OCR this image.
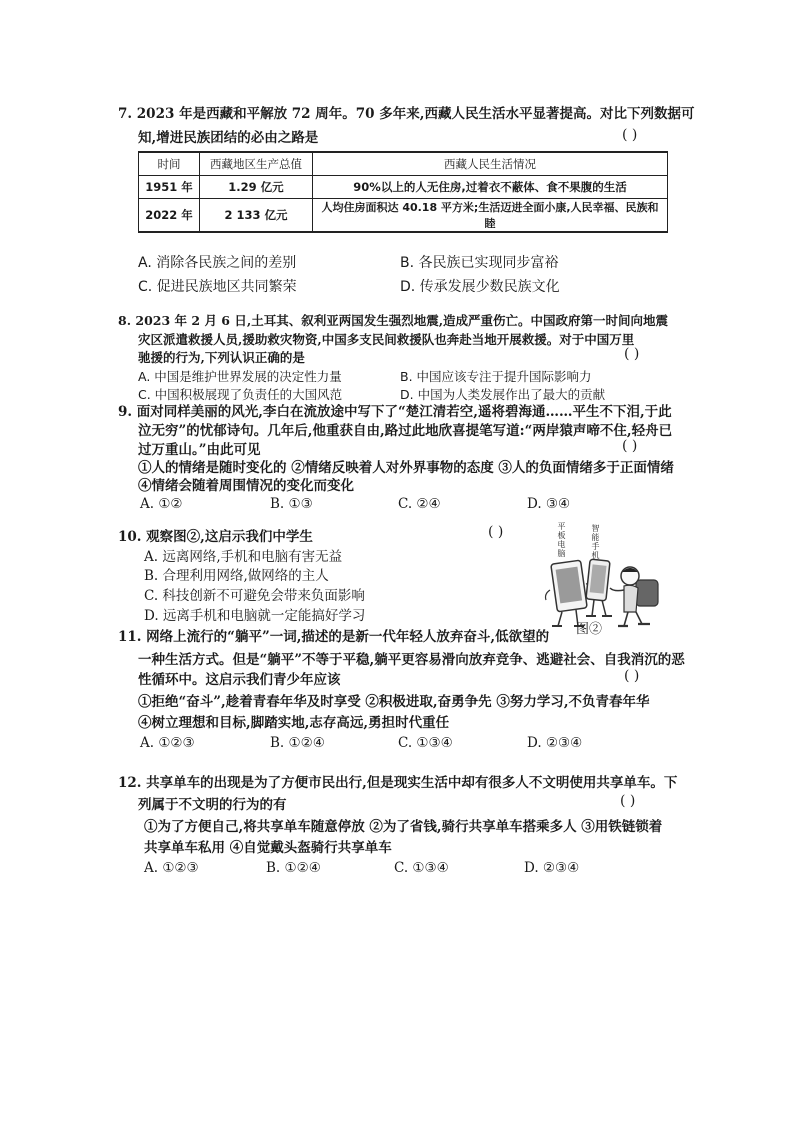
7. 2023 年是西藏和平解放 72 周年。70 多年来,西藏人民生活水平显著提高。对比下列数据可
知,增进民族团结的必由之路是	( )
时间	西藏地区生产总值	西藏人民生活情况
1951 年	1.29 亿元	90%以上的人无住房,过着衣不蔽体、食不果腹的生活
2022 年	2 133 亿元	人均住房面积达 40.18 平方米;生活迈进全面小康,人民幸福、民族和睦
A. 消除各民族之间的差别	B. 各民族已实现同步富裕
C. 促进民族地区共同繁荣	D. 传承发展少数民族文化
8. 2023 年 2 月 6 日,土耳其、叙利亚两国发生强烈地震,造成严重伤亡。中国政府第一时间向地震
灾区派遣救援人员,援助救灾物资,中国多支民间救援队也奔赴当地开展救援。对于中国万里
驰援的行为,下列认识正确的是	( )
A. 中国是维护世界发展的决定性力量	B. 中国应该专注于提升国际影响力
C. 中国积极展现了负责任的大国风范	D. 中国为人类发展作出了最大的贡献
9. 面对同样美丽的风光,李白在流放途中写下了“楚江清若空,遥将碧海通……平生不下泪,于此
泣无穷”的忧郁诗句。几年后,他重获自由,路过此地欣喜提笔写道:“两岸猿声啼不住,轻舟已
过万重山。”由此可见	( )
①人的情绪是随时变化的 ②情绪反映着人对外界事物的态度 ③人的负面情绪多于正面情绪
④情绪会随着周围情况的变化而变化
A. ①②	B. ①③	C. ②④	D. ③④
10. 观察图②,这启示我们中学生	( )
A. 远离网络,手机和电脑有害无益
B. 合理利用网络,做网络的主人
C. 科技创新不可避免会带来负面影响
D. 远离手机和电脑就一定能搞好学习
平板电脑	智能手机
图②
11. 网络上流行的“躺平”一词,描述的是新一代年轻人放弃奋斗,低欲望的
一种生活方式。但是“躺平”不等于平稳,躺平更容易滑向放弃竞争、逃避社会、自我消沉的恶
性循环中。这启示我们青少年应该	( )
①拒绝“奋斗”,趁着青春年华及时享受 ②积极进取,奋勇争先 ③努力学习,不负青春年华
④树立理想和目标,脚踏实地,志存高远,勇担时代重任
A. ①②③	B. ①②④	C. ①③④	D. ②③④
12. 共享单车的出现是为了方便市民出行,但是现实生活中却有很多人不文明使用共享单车。下
列属于不文明的行为的有	( )
①为了方便自己,将共享单车随意停放 ②为了省钱,骑行共享单车搭乘多人 ③用铁链锁着
共享单车私用 ④自觉戴头盔骑行共享单车
A. ①②③	B. ①②④	C. ①③④	D. ②③④
